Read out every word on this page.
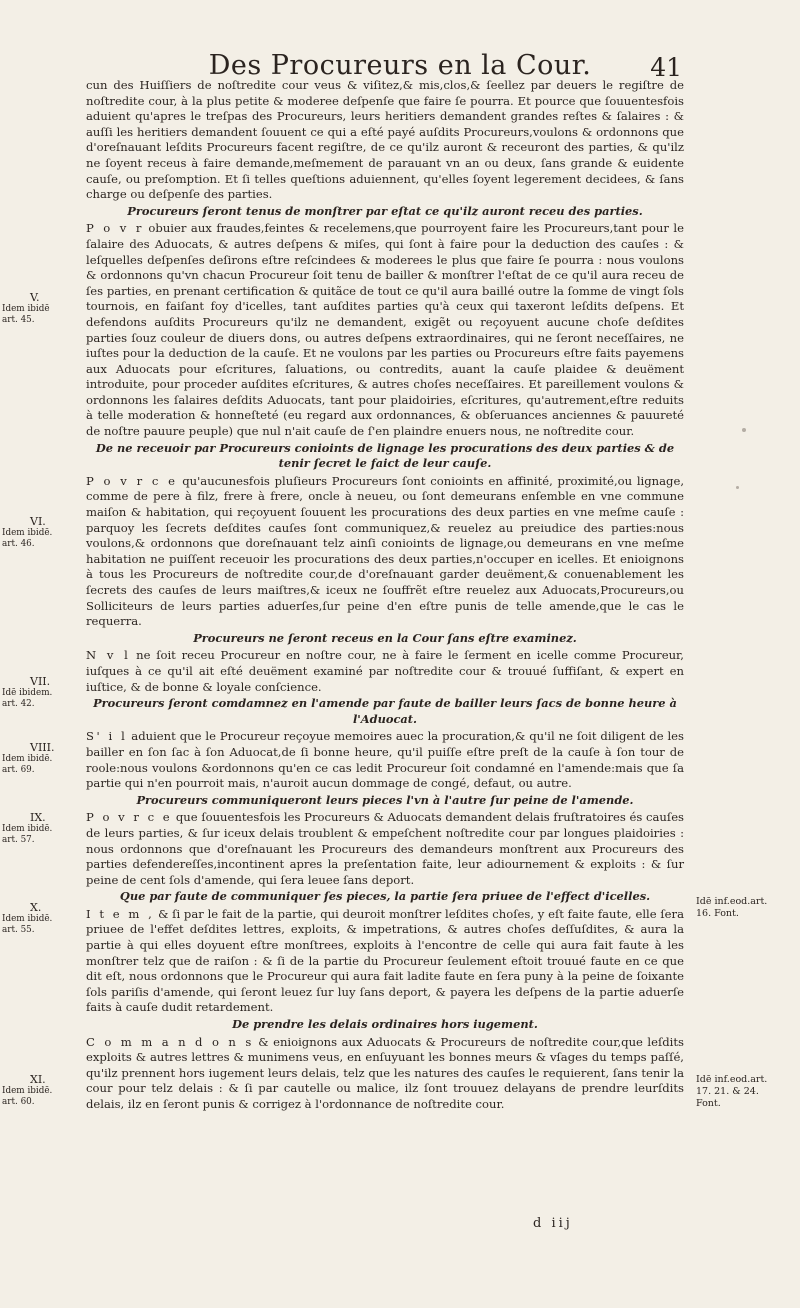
Des Procureurs en la Cour.	41

cun des Huiſſiers de noſtredite cour veus & viſitez,& mis,clos,& ſeellez par deuers le regiſtre de noſtredite cour, à la plus petite & moderee deſpenſe que faire ſe pourra. Et pource que ſouuentesfois aduient qu'apres le treſpas des Procureurs, leurs heritiers demandent grandes reſtes & ſalaires : & auſſi les heritiers demandent ſouuent ce qui a eſté payé auſdits Procureurs,voulons & ordonnons que d'oreſnauant leſdits Procureurs facent regiſtre, de ce qu'ilz auront & receuront des parties, & qu'ilz ne ſoyent receus à faire demande,meſmement de parauant vn an ou deux, ſans grande & euidente cauſe, ou preſomption. Et ſi telles queſtions aduiennent, qu'elles ſoyent legerement decidees, & ſans charge ou deſpenſe des parties.

Procureurs ſeront tenus de monſtrer par eſtat ce qu'ilz auront receu des parties.

P o v r obuier aux fraudes,feintes & recelemens,que pourroyent faire les Procureurs,tant pour le ſalaire des Aduocats, & autres deſpens & miſes, qui ſont à faire pour la deduction des cauſes : & leſquelles deſpenſes deſirons eſtre reſcindees & moderees le plus que faire ſe pourra : nous voulons & ordonnons qu'vn chacun Procureur ſoit tenu de bailler & monſtrer l'eſtat de ce qu'il aura receu de ſes parties, en prenant certification & quitãce de tout ce qu'il aura baillé outre la ſomme de vingt ſols tournois, en faiſant foy d'icelles, tant auſdites parties qu'à ceux qui taxeront leſdits deſpens. Et defendons auſdits Procureurs qu'ilz ne demandent, exigẽt ou reçoyuent aucune choſe deſdites parties ſouz couleur de diuers dons, ou autres deſpens extraordinaires, qui ne ſeront neceſſaires, ne iuſtes pour la deduction de la cauſe. Et ne voulons par les parties ou Procureurs eſtre faits payemens aux Aduocats pour eſcritures, ſaluations, ou contredits, auant la cauſe plaidee & deuëment introduite, pour proceder auſdites eſcritures, & autres choſes neceſſaires. Et pareillement voulons & ordonnons les ſalaires deſdits Aduocats, tant pour plaidoiries, eſcritures, qu'autrement,eſtre reduits à telle moderation & honneſteté (eu regard aux ordonnances, & obſeruances anciennes & pauureté de noſtre pauure peuple) que nul n'ait cauſe de ſ'en plaindre enuers nous, ne noſtredite cour.

De ne receuoir par Procureurs conioints de lignage les procurations des deux parties & de tenir ſecret le faict de leur cauſe.

P o v r c e qu'aucunesfois pluſieurs Procureurs ſont conioints en affinité, proximité,ou lignage, comme de pere à filz, frere à frere, oncle à neueu, ou ſont demeurans enſemble en vne commune maiſon & habitation, qui reçoyuent ſouuent les procurations des deux parties en vne meſme cauſe : parquoy les ſecrets deſdites cauſes ſont communiquez,& reuelez au preiudice des parties:nous voulons,& ordonnons que doreſnauant telz ainſi conioints de lignage,ou demeurans en vne meſme habitation ne puiſſent receuoir les procurations des deux parties,n'occuper en icelles. Et enioignons à tous les Procureurs de noſtredite cour,de d'oreſnauant garder deuëment,& conuenablement les ſecrets des cauſes de leurs maiſtres,& iceux ne ſouffrẽt eſtre reuelez aux Aduocats,Procureurs,ou Solliciteurs de leurs parties aduerſes,ſur peine d'en eſtre punis de telle amende,que le cas le requerra.

Procureurs ne ſeront receus en la Cour ſans eſtre examinez.

N v l ne ſoit receu Procureur en noſtre cour, ne à faire le ſerment en icelle comme Procureur, iuſques à ce qu'il ait eſté deuëment examiné par noſtredite cour & trouué ſuffiſant, & expert en iuſtice, & de bonne & loyale conſcience.

Procureurs ſeront comdamnez en l'amende par faute de bailler leurs ſacs de bonne heure à l'Aduocat.

S' i l aduient que le Procureur reçoyue memoires auec la procuration,& qu'il ne ſoit diligent de les bailler en ſon ſac à ſon Aduocat,de ſi bonne heure, qu'il puiſſe eſtre preſt de la cauſe à ſon tour de roole:nous voulons &ordonnons qu'en ce cas ledit Procureur ſoit condamné en l'amende:mais que ſa partie qui n'en pourroit mais, n'auroit aucun dommage de congé, defaut, ou autre.

Procureurs communiqueront leurs pieces l'vn à l'autre ſur peine de l'amende.

P o v r c e que ſouuentesfois les Procureurs & Aduocats demandent delais fruſtratoires és cauſes de leurs parties, & ſur iceux delais troublent & empeſchent noſtredite cour par longues plaidoiries : nous ordonnons que d'oreſnauant les Procureurs des demandeurs monſtrent aux Procureurs des parties defendereſſes,incontinent apres la preſentation faite, leur adiournement & exploits : & ſur peine de cent ſols d'amende, qui ſera leuee ſans deport.

Que par faute de communiquer ſes pieces, la partie ſera priuee de l'effect d'icelles.

I t e m , & ſi par le fait de la partie, qui deuroit monſtrer leſdites choſes, y eſt faite faute, elle ſera priuee de l'effet deſdites lettres, exploits, & impetrations, & autres choſes deſſuſdites, & aura la partie à qui elles doyuent eſtre monſtrees, exploits à l'encontre de celle qui aura fait faute à les monſtrer telz que de raiſon : & ſi de la partie du Procureur ſeulement eſtoit trouué faute en ce que dit eſt, nous ordonnons que le Procureur qui aura fait ladite faute en ſera puny à la peine de ſoixante ſols pariſis d'amende, qui ſeront leuez ſur luy ſans deport, & payera les deſpens de la partie aduerſe faits à cauſe dudit retardement.

De prendre les delais ordinaires hors iugement.

C o m m a n d o n s & enioignons aux Aduocats & Procureurs de noſtredite cour,que leſdits exploits & autres lettres & munimens veus, en enſuyuant les bonnes meurs & vſages du temps paſſé, qu'ilz prennent hors iugement leurs delais, telz que les natures des cauſes le requierent, ſans tenir la cour pour telz delais : & ſi par cautelle ou malice, ilz ſont trouuez delayans de prendre leurſdits delais, ilz en ſeront punis & corrigez à l'ordonnance de noſtredite cour.

V.
Idem ibidē
art. 45.
VI.
Idem ibidē.
art. 46.
VII.
Idē ibidem.
art. 42.
VIII.
Idem ibidē.
art. 69.
IX.
Idem ibidē.
art. 57.
X.
Idem ibidē.
art. 55.
XI.
Idem ibidē.
art. 60.
Idē inf.eod.art.
16. Font.
Idē inf.eod.art.
17. 21. & 24.
Font.
d iij
